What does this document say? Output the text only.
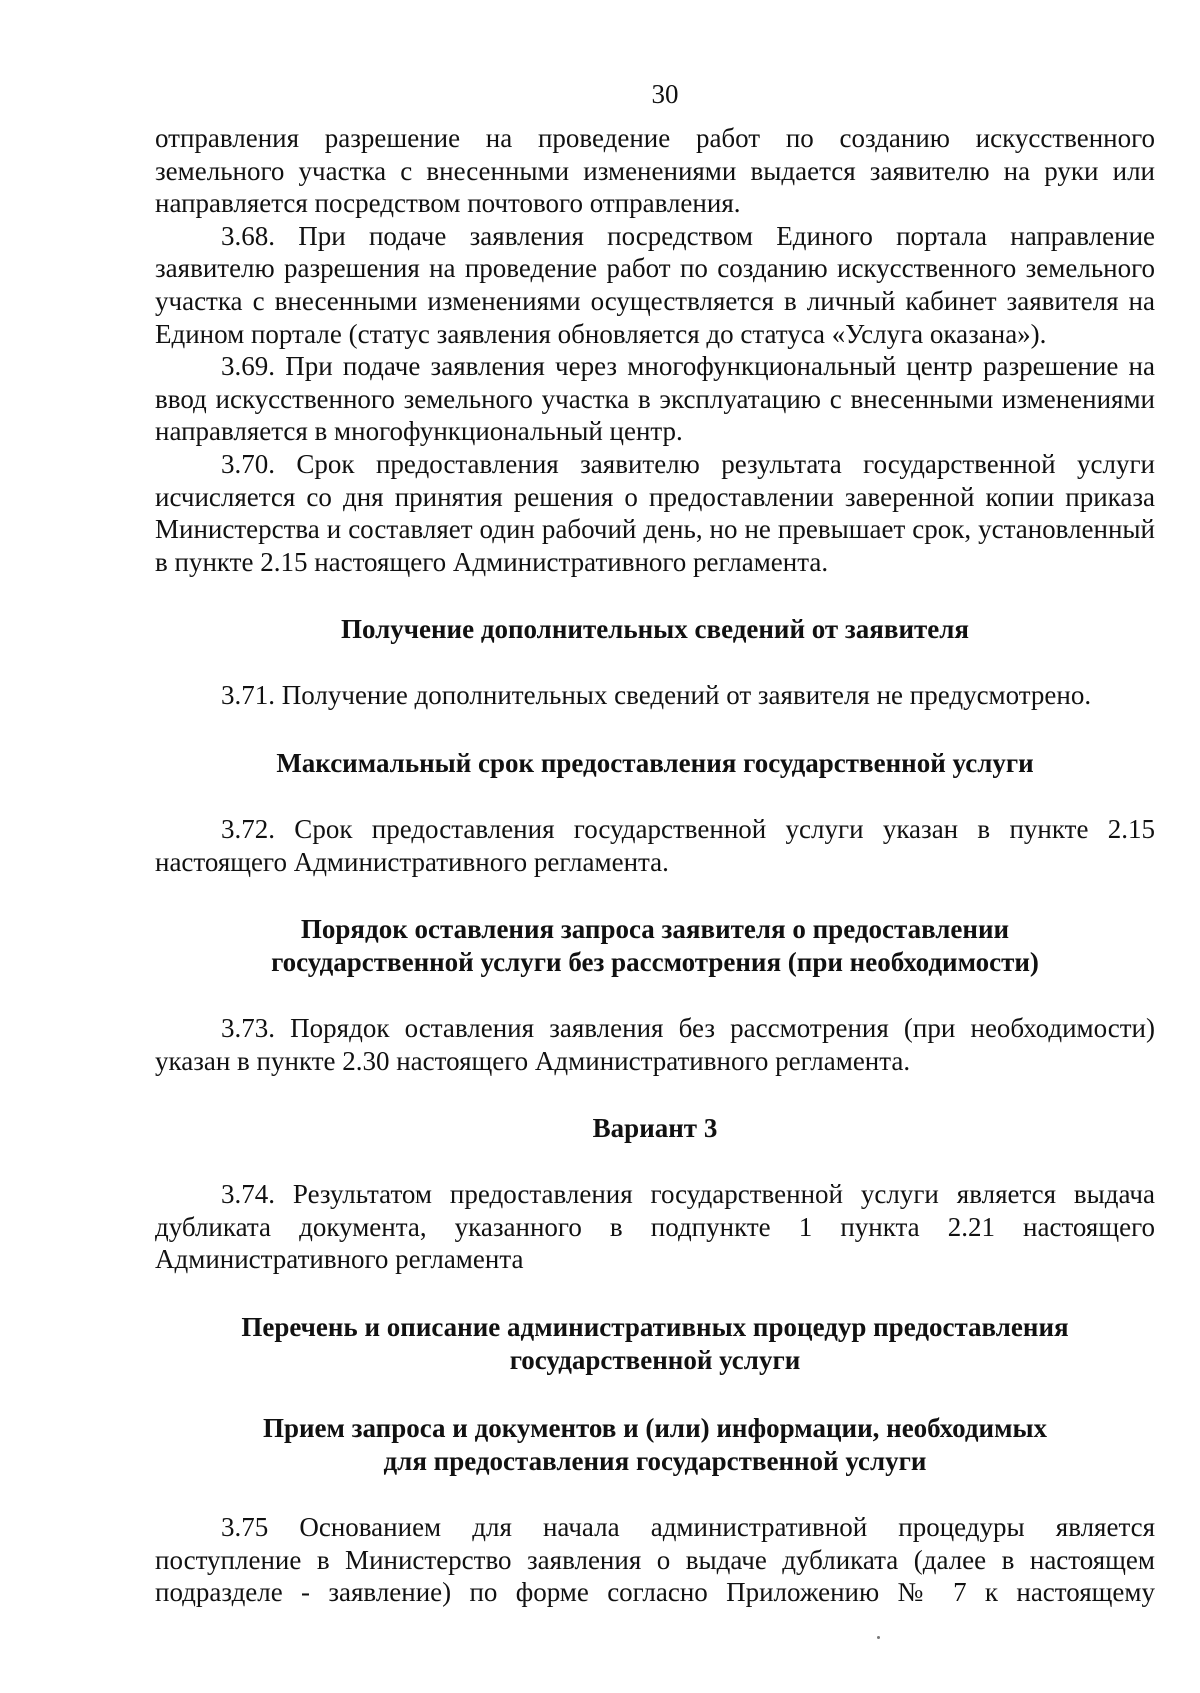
30

отправления разрешение на проведение работ по созданию искусственного земельного участка с внесенными изменениями выдается заявителю на руки или направляется посредством почтового отправления.

3.68. При подаче заявления посредством Единого портала направление заявителю разрешения на проведение работ по созданию искусственного земельного участка с внесенными изменениями осуществляется в личный кабинет заявителя на Едином портале (статус заявления обновляется до статуса «Услуга оказана»).

3.69. При подаче заявления через многофункциональный центр разрешение на ввод искусственного земельного участка в эксплуатацию с внесенными изменениями направляется в многофункциональный центр.

3.70. Срок предоставления заявителю результата государственной услуги исчисляется со дня принятия решения о предоставлении заверенной копии приказа Министерства и составляет один рабочий день, но не превышает срок, установленный в пункте 2.15 настоящего Административного регламента.

Получение дополнительных сведений от заявителя

3.71. Получение дополнительных сведений от заявителя не предусмотрено.

Максимальный срок предоставления государственной услуги

3.72. Срок предоставления государственной услуги указан в пункте 2.15 настоящего Административного регламента.

Порядок оставления запроса заявителя о предоставлении
государственной услуги без рассмотрения (при необходимости)

3.73. Порядок оставления заявления без рассмотрения (при необходимости) указан в пункте 2.30 настоящего Административного регламента.

Вариант 3

3.74. Результатом предоставления государственной услуги является выдача дубликата документа, указанного в подпункте 1 пункта 2.21 настоящего Административного регламента

Перечень и описание административных процедур предоставления
государственной услуги
Прием запроса и документов и (или) информации, необходимых
для предоставления государственной услуги

3.75 Основанием для начала административной процедуры является поступление в Министерство заявления о выдаче дубликата (далее в настоящем подразделе - заявление) по форме согласно Приложению № 7 к настоящему
